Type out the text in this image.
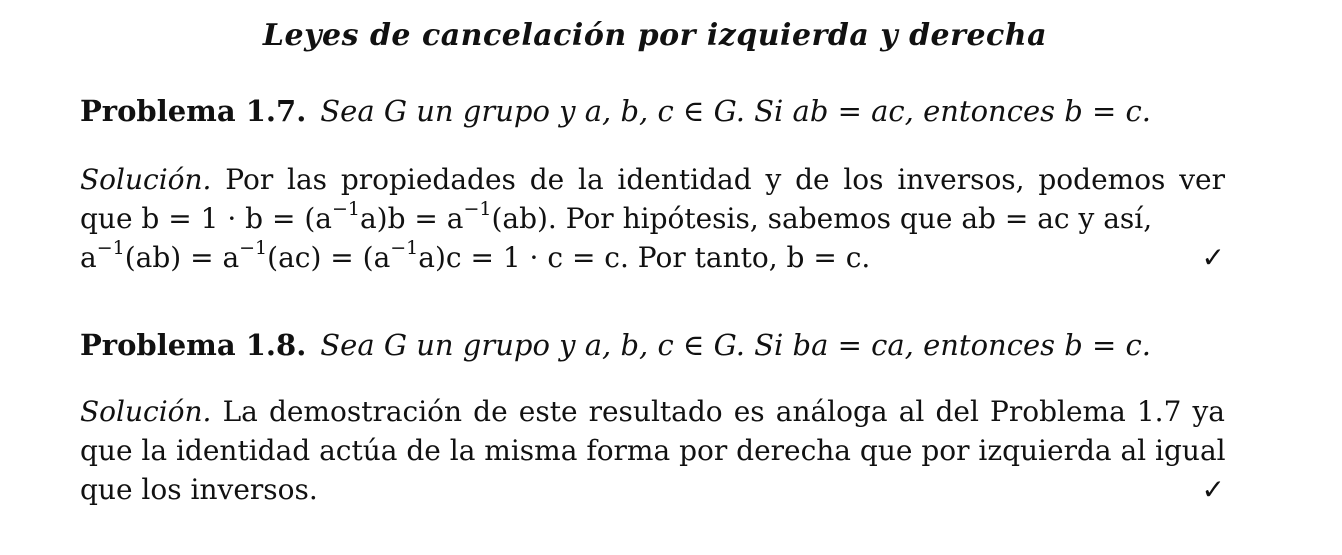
Leyes de cancelación por izquierda y derecha
Problema 1.7. Sea G un grupo y a, b, c ∈ G. Si ab = ac, entonces b = c.
Solución. Por las propiedades de la identidad y de los inversos, podemos ver
que $b = 1 \cdot b = (a^{-1}a)b = a^{-1}(ab)$. Por hipótesis, sabemos que ab = ac y así,
$a^{-1}(ab) = a^{-1}(ac) = (a^{-1}a)c = 1 \cdot c = c$. Por tanto, b = c.	✓
Problema 1.8. Sea G un grupo y a, b, c ∈ G. Si ba = ca, entonces b = c.
Solución. La demostración de este resultado es análoga al del Problema 1.7 ya
que la identidad actúa de la misma forma por derecha que por izquierda al igual
que los inversos.	✓
